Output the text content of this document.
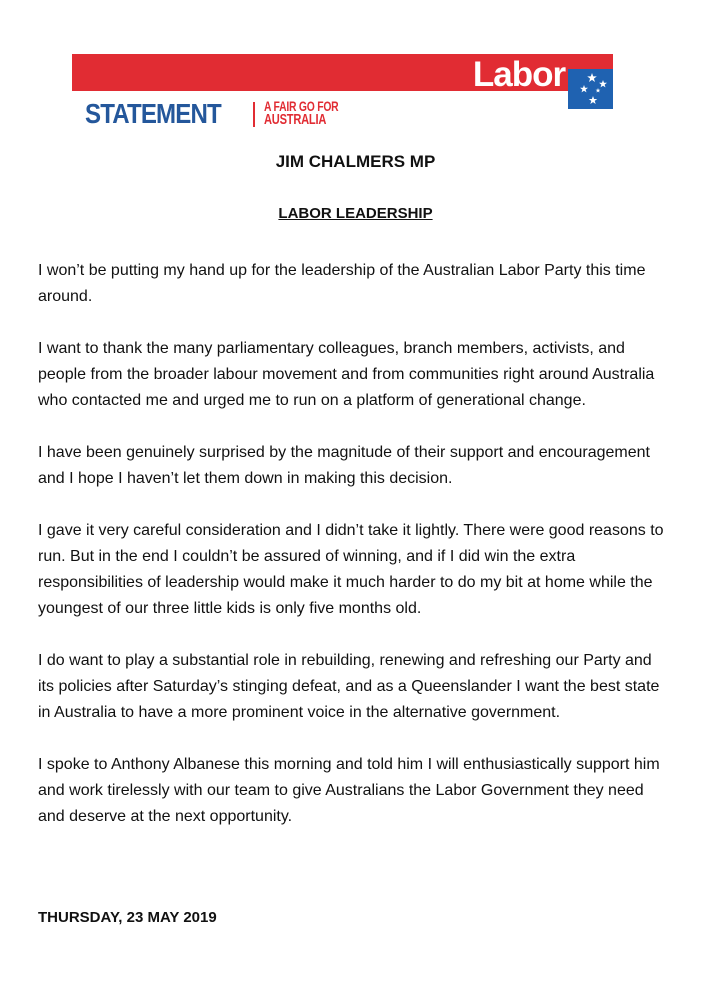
Labor
STATEMENT	A FAIR GO FOR
AUSTRALIA
JIM CHALMERS MP
LABOR LEADERSHIP

I won’t be putting my hand up for the leadership of the Australian Labor Party this time around.

I want to thank the many parliamentary colleagues, branch members, activists, and people from the broader labour movement and from communities right around Australia who contacted me and urged me to run on a platform of generational change.

I have been genuinely surprised by the magnitude of their support and encouragement and I hope I haven’t let them down in making this decision.

I gave it very careful consideration and I didn’t take it lightly. There were good reasons to run. But in the end I couldn’t be assured of winning, and if I did win the extra responsibilities of leadership would make it much harder to do my bit at home while the youngest of our three little kids is only five months old.

I do want to play a substantial role in rebuilding, renewing and refreshing our Party and its policies after Saturday’s stinging defeat, and as a Queenslander I want the best state in Australia to have a more prominent voice in the alternative government.

I spoke to Anthony Albanese this morning and told him I will enthusiastically support him and work tirelessly with our team to give Australians the Labor Government they need and deserve at the next opportunity.

THURSDAY, 23 MAY 2019
